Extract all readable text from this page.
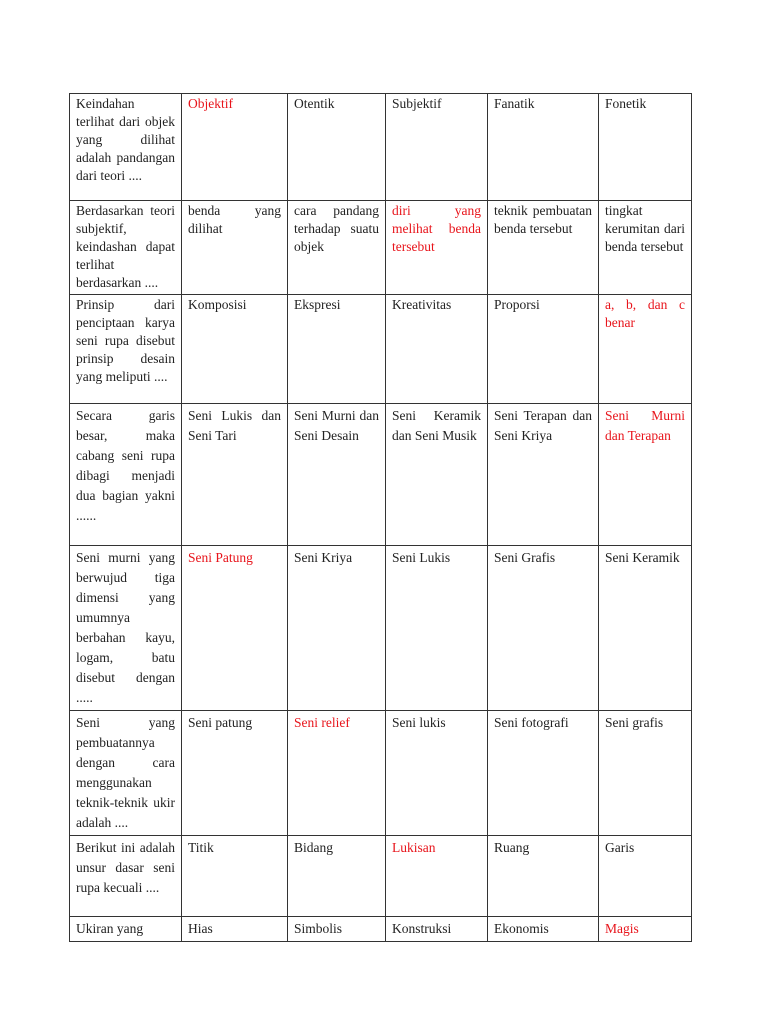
Keindahan terlihat dari objek yang dilihat adalah pandangan dari teori ....	Objektif	Otentik	Subjektif	Fanatik	Fonetik
Berdasarkan teori subjektif, keindashan dapat terlihat berdasarkan ....	benda yang dilihat	cara pandang terhadap suatu objek	diri yang melihat benda tersebut	teknik pembuatan benda tersebut	tingkat kerumitan dari benda tersebut
Prinsip dari penciptaan karya seni rupa disebut prinsip desain yang meliputi ....	Komposisi	Ekspresi	Kreativitas	Proporsi	a, b, dan c benar
Secara garis besar, maka cabang seni rupa dibagi menjadi dua bagian yakni ......	Seni Lukis dan Seni Tari	Seni Murni dan Seni Desain	Seni Keramik dan Seni Musik	Seni Terapan dan Seni Kriya	Seni Murni dan Terapan
Seni murni yang berwujud tiga dimensi yang umumnya berbahan kayu, logam, batu disebut dengan .....	Seni Patung	Seni Kriya	Seni Lukis	Seni Grafis	Seni Keramik
Seni yang pembuatannya dengan cara menggunakan teknik-teknik ukir adalah ....	Seni patung	Seni relief	Seni lukis	Seni fotografi	Seni grafis
Berikut ini adalah unsur dasar seni rupa kecuali ....	Titik	Bidang	Lukisan	Ruang	Garis
Ukiran yang	Hias	Simbolis	Konstruksi	Ekonomis	Magis
